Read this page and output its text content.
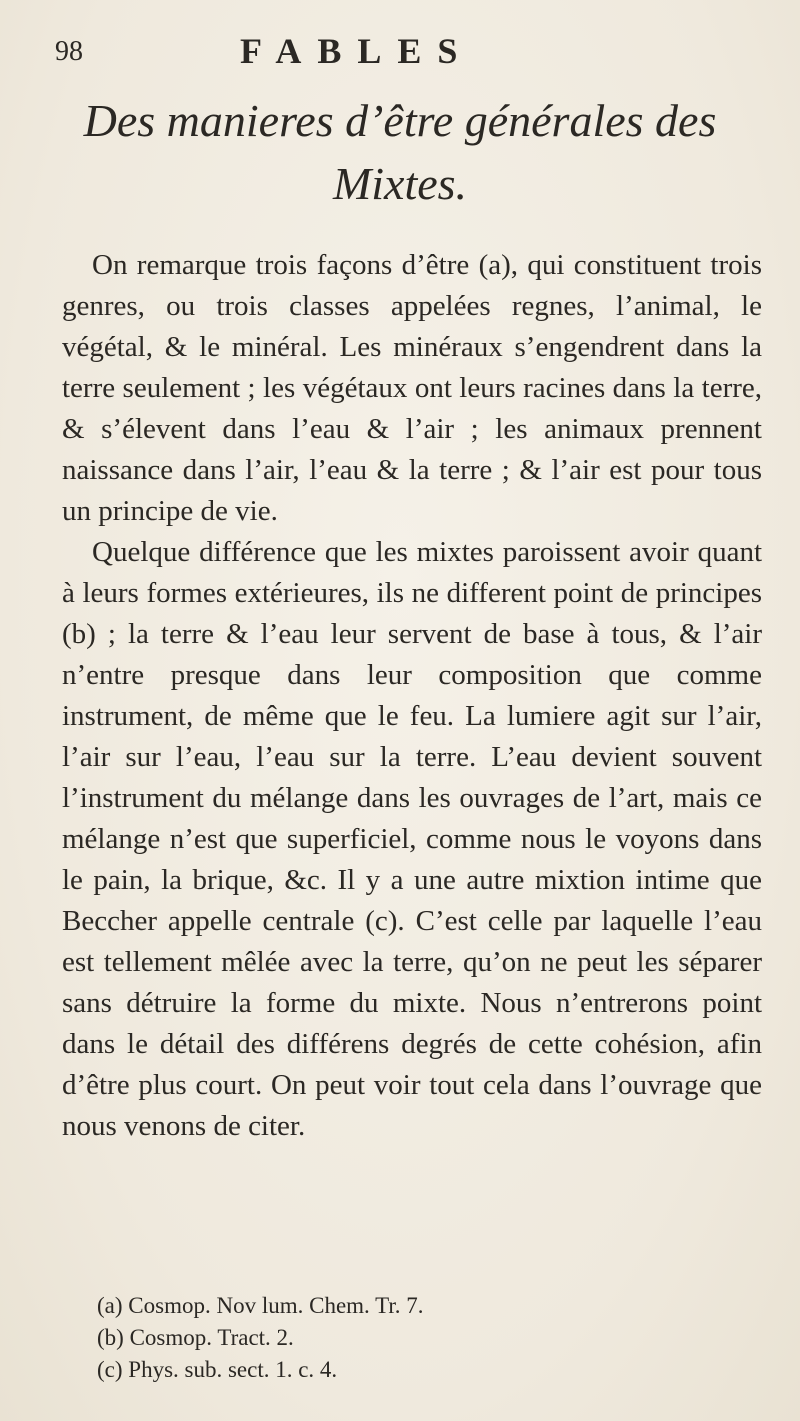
98	FABLES
Des manieres d’être générales des
Mixtes.

On remarque trois façons d’être (a), qui constituent trois genres, ou trois classes appelées regnes, l’animal, le végétal, & le minéral. Les minéraux s’engendrent dans la terre seulement ; les végétaux ont leurs racines dans la terre, & s’élevent dans l’eau & l’air ; les animaux prennent naissance dans l’air, l’eau & la terre ; & l’air est pour tous un principe de vie.

Quelque différence que les mixtes paroissent avoir quant à leurs formes extérieures, ils ne different point de principes (b) ; la terre & l’eau leur servent de base à tous, & l’air n’entre presque dans leur composition que comme instrument, de même que le feu. La lumiere agit sur l’air, l’air sur l’eau, l’eau sur la terre. L’eau devient souvent l’instrument du mélange dans les ouvrages de l’art, mais ce mélange n’est que superficiel, comme nous le voyons dans le pain, la brique, &c. Il y a une autre mixtion intime que Beccher appelle centrale (c). C’est celle par laquelle l’eau est tellement mêlée avec la terre, qu’on ne peut les séparer sans détruire la forme du mixte. Nous n’entrerons point dans le détail des différens degrés de cette cohésion, afin d’être plus court. On peut voir tout cela dans l’ouvrage que nous venons de citer.

(a) Cosmop. Nov lum. Chem. Tr. 7.
(b) Cosmop. Tract. 2.
(c) Phys. sub. sect. 1. c. 4.
